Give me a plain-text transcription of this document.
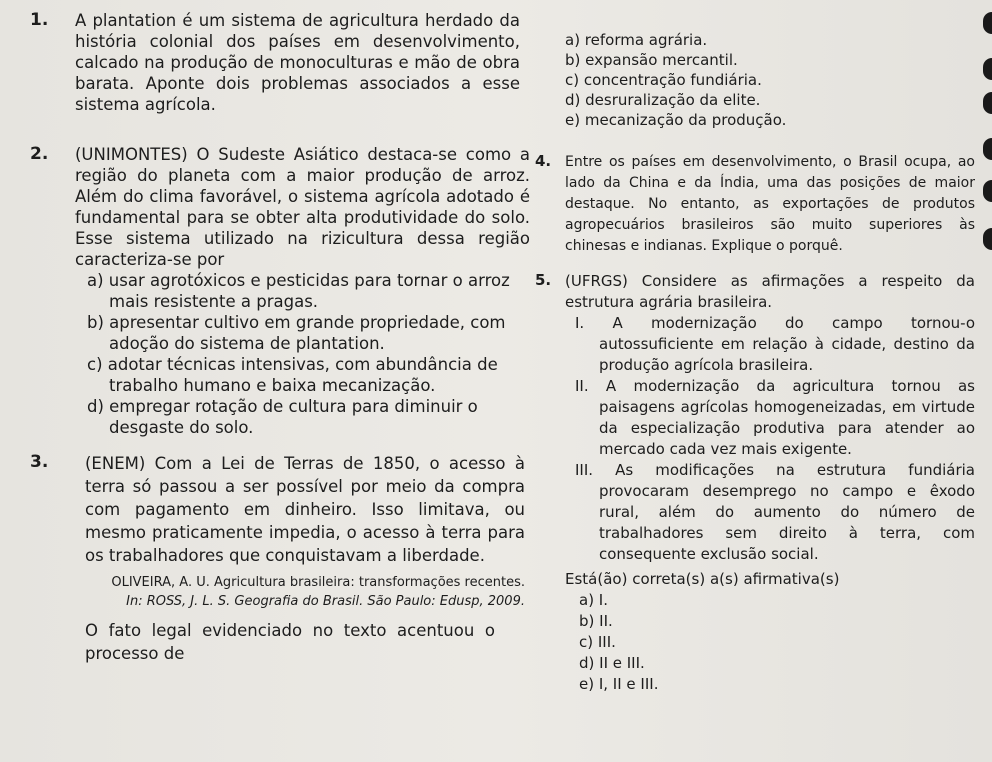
1. A plantation é um sistema de agricultura herdado da história colonial dos países em desenvolvimento, calcado na produção de monoculturas e mão de obra barata. Aponte dois problemas associados a esse sistema agrícola.
2. (UNIMONTES) O Sudeste Asiático destaca-se como a região do planeta com a maior produção de arroz. Além do clima favorável, o sistema agrícola adotado é fundamental para se obter alta produtividade do solo. Esse sistema utilizado na rizicultura dessa região caracteriza-se por
a) usar agrotóxicos e pesticidas para tornar o arroz mais resistente a pragas.
b) apresentar cultivo em grande propriedade, com adoção do sistema de plantation.
c) adotar técnicas intensivas, com abundância de trabalho humano e baixa mecanização.
d) empregar rotação de cultura para diminuir o desgaste do solo.
3. (ENEM) Com a Lei de Terras de 1850, o acesso à terra só passou a ser possível por meio da compra com pagamento em dinheiro. Isso limitava, ou mesmo praticamente impedia, o acesso à terra para os trabalhadores que conquistavam a liberdade.
OLIVEIRA, A. U. Agricultura brasileira: transformações recentes.
In: ROSS, J. L. S. Geografia do Brasil. São Paulo: Edusp, 2009.
O fato legal evidenciado no texto acentuou o processo de
a) reforma agrária.
b) expansão mercantil.
c) concentração fundiária.
d) desruralização da elite.
e) mecanização da produção.
4. Entre os países em desenvolvimento, o Brasil ocupa, ao lado da China e da Índia, uma das posições de maior destaque. No entanto, as exportações de produtos agropecuários brasileiros são muito superiores às chinesas e indianas. Explique o porquê.
5. (UFRGS) Considere as afirmações a respeito da estrutura agrária brasileira.
I. A modernização do campo tornou-o autossuficiente em relação à cidade, destino da produção agrícola brasileira.
II. A modernização da agricultura tornou as paisagens agrícolas homogeneizadas, em virtude da especialização produtiva para atender ao mercado cada vez mais exigente.
III. As modificações na estrutura fundiária provocaram desemprego no campo e êxodo rural, além do aumento do número de trabalhadores sem direito à terra, com consequente exclusão social.
Está(ão) correta(s) a(s) afirmativa(s)
a) I.
b) II.
c) III.
d) II e III.
e) I, II e III.
